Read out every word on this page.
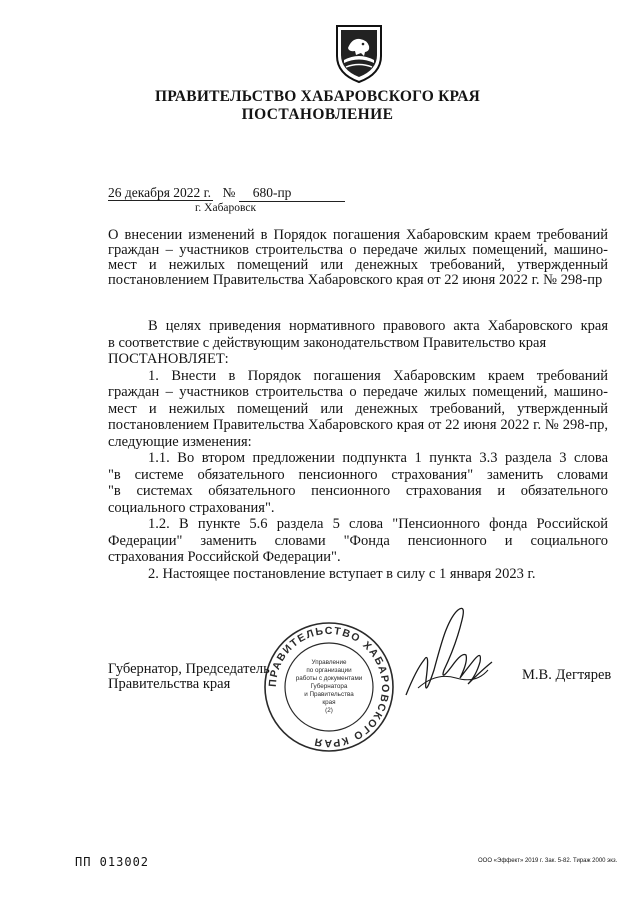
ПРАВИТЕЛЬСТВО ХАБАРОВСКОГО КРАЯ
ПОСТАНОВЛЕНИЕ
26 декабря 2022 г. № 680-пр
г. Хабаровск
О внесении изменений в Порядок погашения Хабаровским краем требований
граждан – участников строительства о передаче жилых помещений, машино-
мест и нежилых помещений или денежных требований, утвержденный
постановлением Правительства Хабаровского края от 22 июня 2022 г. № 298-пр
В целях приведения нормативного правового акта Хабаровского края
в соответствие с действующим законодательством Правительство края
ПОСТАНОВЛЯЕТ:
1. Внести в Порядок погашения Хабаровским краем требований
граждан – участников строительства о передаче жилых помещений, машино-
мест и нежилых помещений или денежных требований, утвержденный
постановлением Правительства Хабаровского края от 22 июня 2022 г. № 298-пр,
следующие изменения:
1.1. Во втором предложении подпункта 1 пункта 3.3 раздела 3 слова
"в системе обязательного пенсионного страхования" заменить словами
"в системах обязательного пенсионного страхования и обязательного
социального страхования".
1.2. В пункте 5.6 раздела 5 слова "Пенсионного фонда Российской
Федерации" заменить словами "Фонда пенсионного и социального
страхования Российской Федерации".
2. Настоящее постановление вступает в силу с 1 января 2023 г.
ПРАВИТЕЛЬСТВО ХАБАРОВСКОГО КРАЯ
Управление
по организации
работы с документами
Губернатора
и Правительства
края
(2)
Губернатор, Председатель
Правительства края
М.В. Дегтярев
ПП 013002	ООО «Эффект» 2019 г. Зак. 5-82. Тираж 2000 экз.
